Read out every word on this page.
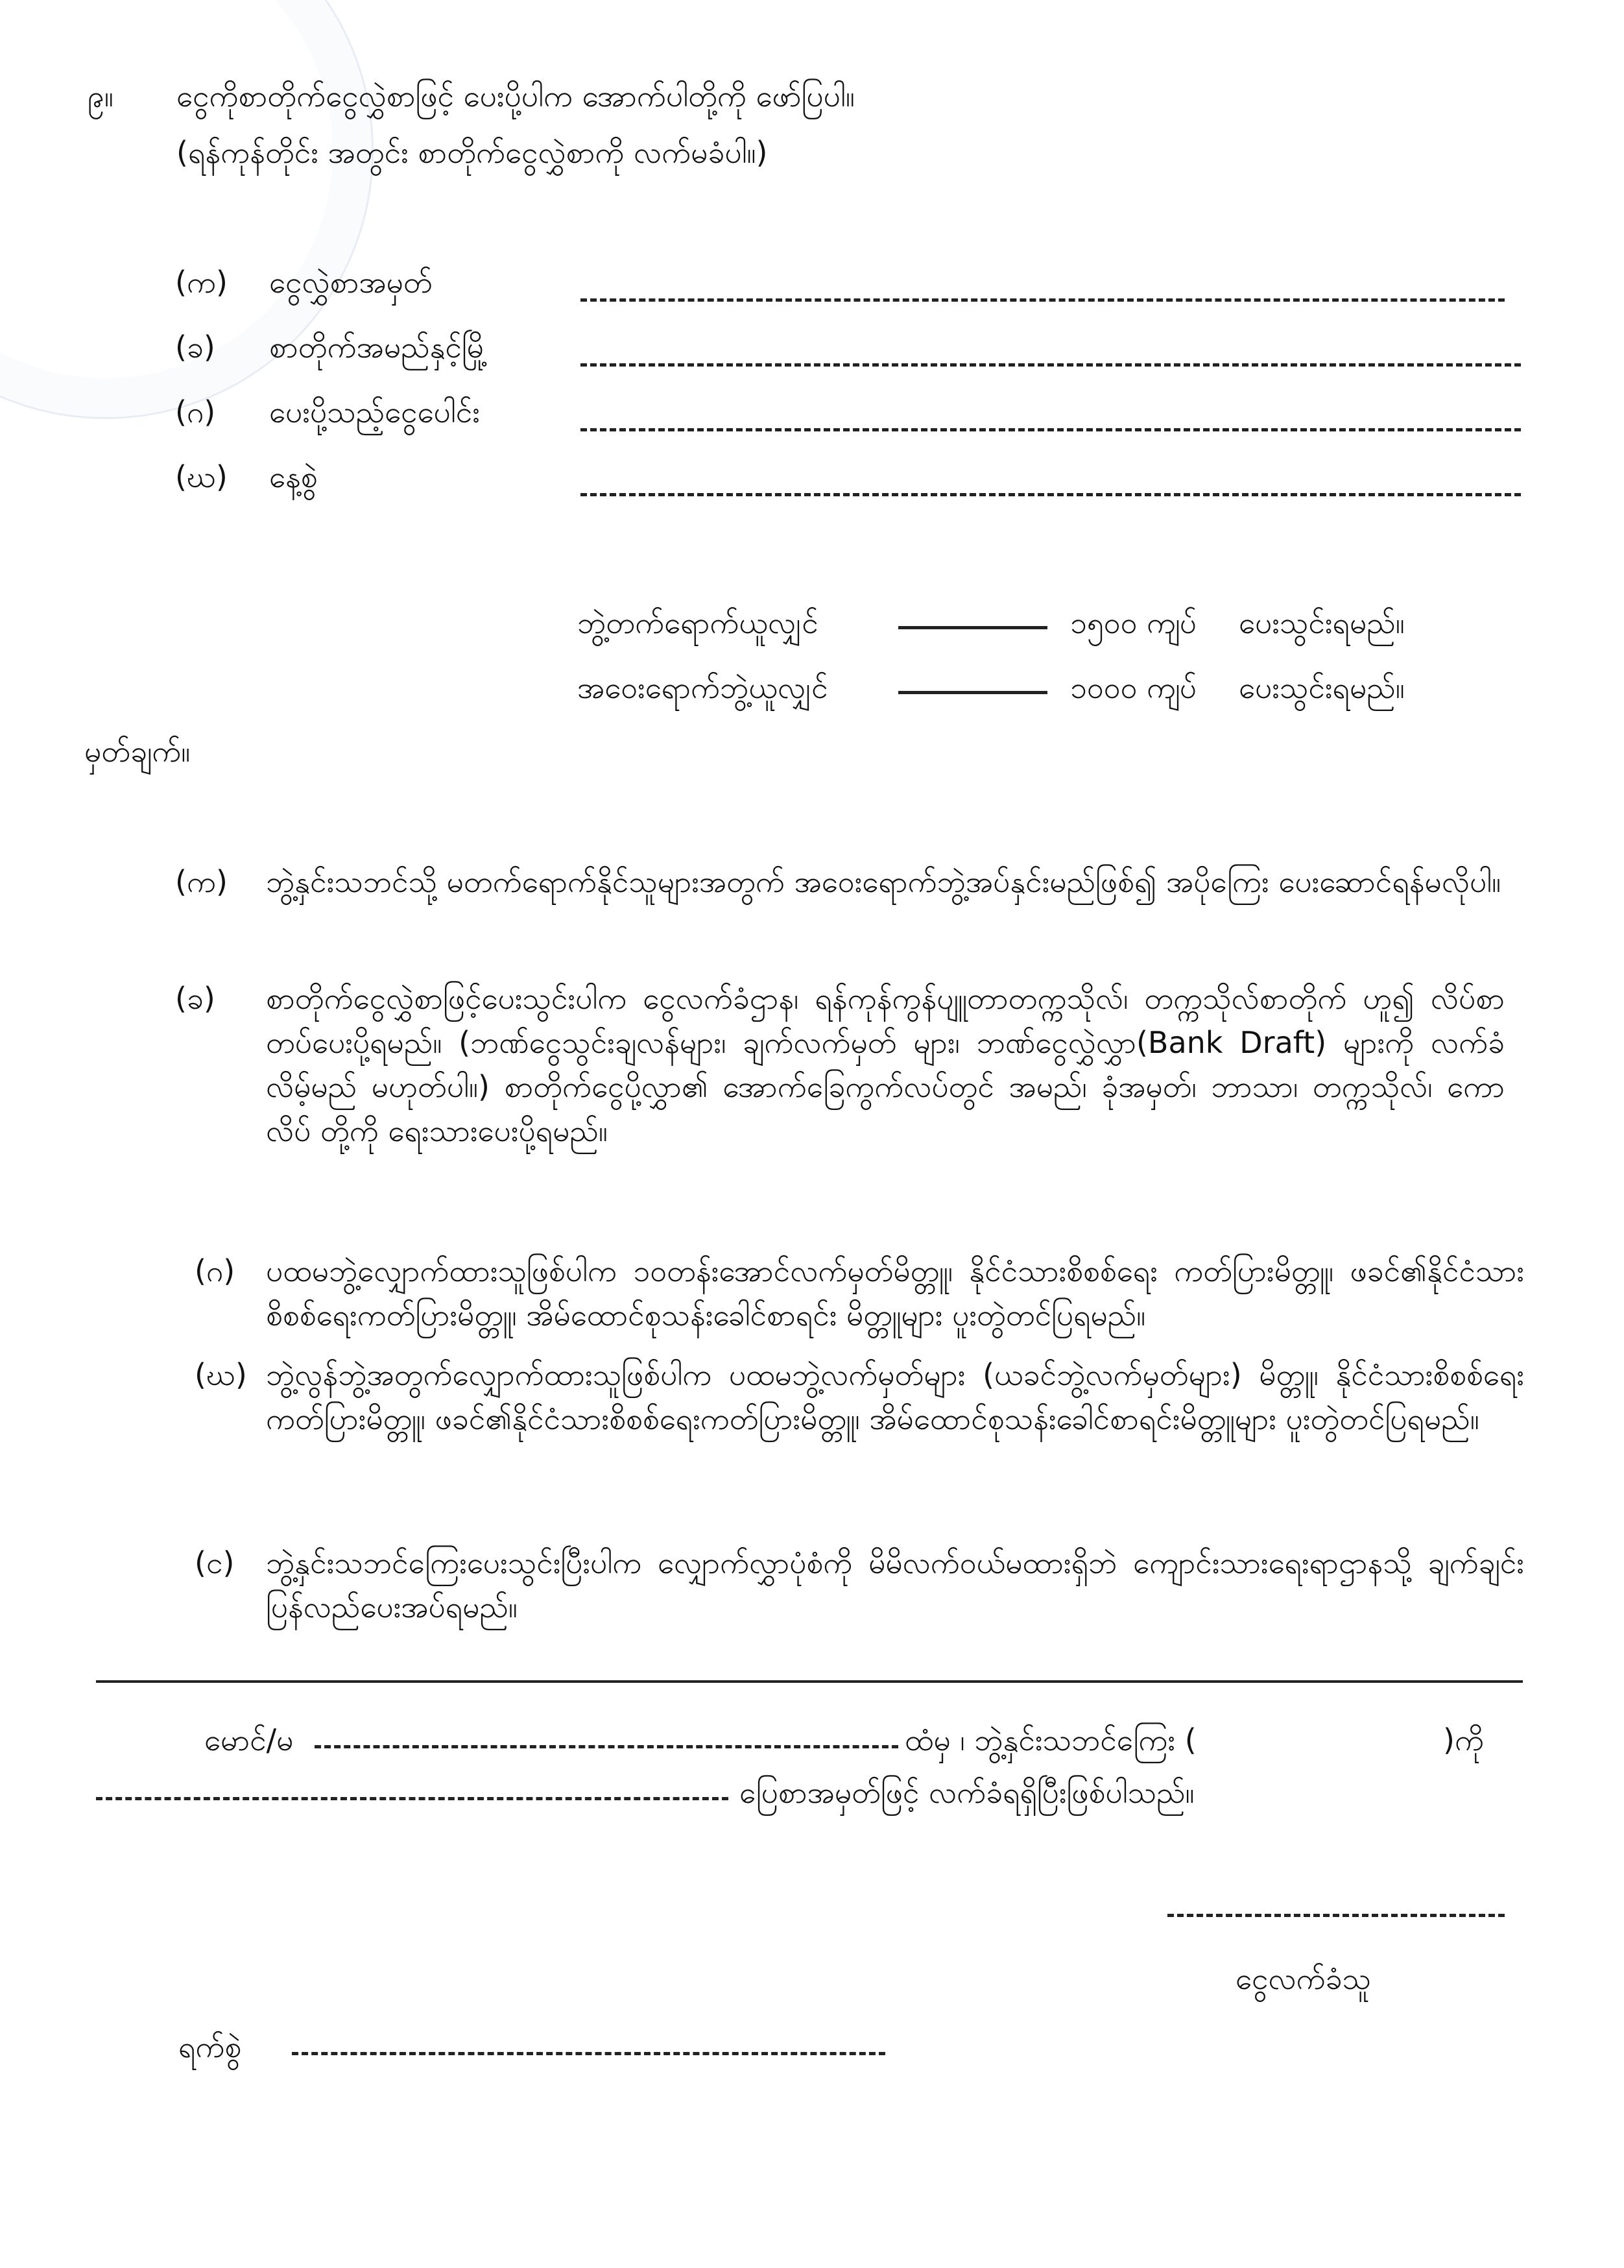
၉။ ငွေကိုစာတိုက်ငွေလွှဲစာဖြင့် ပေးပို့ပါက အောက်ပါတို့ကို ဖော်ပြပါ။
(ရန်ကုန်တိုင်း အတွင်း စာတိုက်ငွေလွှဲစာကို လက်မခံပါ။)
(က) ငွေလွှဲစာအမှတ်
(ခ) စာတိုက်အမည်နှင့်မြို့
(ဂ) ပေးပို့သည့်ငွေပေါင်း
(ဃ) နေ့စွဲ
ဘွဲ့တက်ရောက်ယူလျှင်	၁၅၀၀ ကျပ် ပေးသွင်းရမည်။
အဝေးရောက်ဘွဲ့ယူလျှင်	၁၀၀၀ ကျပ် ပေးသွင်းရမည်။
မှတ်ချက်။
(က) ဘွဲ့နှင်းသဘင်သို့ မတက်ရောက်နိုင်သူများအတွက် အဝေးရောက်ဘွဲ့အပ်နှင်းမည်ဖြစ်၍ အပိုကြေး ပေးဆောင်ရန်မလိုပါ။
(ခ) စာတိုက်ငွေလွှဲစာဖြင့်ပေးသွင်းပါက ငွေလက်ခံဌာန၊ ရန်ကုန်ကွန်ပျူတာတက္ကသိုလ်၊ တက္ကသိုလ်စာတိုက် ဟူ၍ လိပ်စာတပ်ပေးပို့ရမည်။ (ဘဏ်ငွေသွင်းချလန်များ၊ ချက်လက်မှတ် များ၊ ဘဏ်ငွေလွှဲလွှာ(Bank Draft) များကို လက်ခံလိမ့်မည် မဟုတ်ပါ။) စာတိုက်ငွေပို့လွှာ၏ အောက်ခြေကွက်လပ်တွင် အမည်၊ ခုံအမှတ်၊ ဘာသာ၊ တက္ကသိုလ်၊ ကောလိပ် တို့ကို ရေးသားပေးပို့ရမည်။
(ဂ) ပထမဘွဲ့လျှောက်ထားသူဖြစ်ပါက ၁၀တန်းအောင်လက်မှတ်မိတ္တူ၊ နိုင်ငံသားစိစစ်ရေး ကတ်ပြားမိတ္တူ၊ ဖခင်၏နိုင်ငံသားစိစစ်ရေးကတ်ပြားမိတ္တူ၊ အိမ်ထောင်စုသန်းခေါင်စာရင်း မိတ္တူများ ပူးတွဲတင်ပြရမည်။
(ဃ) ဘွဲ့လွန်ဘွဲ့အတွက်လျှောက်ထားသူဖြစ်ပါက ပထမဘွဲ့လက်မှတ်များ (ယခင်ဘွဲ့လက်မှတ်များ) မိတ္တူ၊ နိုင်ငံသားစိစစ်ရေးကတ်ပြားမိတ္တူ၊ ဖခင်၏နိုင်ငံသားစိစစ်ရေးကတ်ပြားမိတ္တူ၊ အိမ်ထောင်စုသန်းခေါင်စာရင်းမိတ္တူများ ပူးတွဲတင်ပြရမည်။
(င) ဘွဲ့နှင်းသဘင်ကြေးပေးသွင်းပြီးပါက လျှောက်လွှာပုံစံကို မိမိလက်ဝယ်မထားရှိဘဲ ကျောင်းသားရေးရာဌာနသို့ ချက်ချင်းပြန်လည်ပေးအပ်ရမည်။
မောင်/မ	ထံမှ ၊ ဘွဲ့နှင်းသဘင်ကြေး (	)ကို
ပြေစာအမှတ်ဖြင့် လက်ခံရရှိပြီးဖြစ်ပါသည်။
ငွေလက်ခံသူ
ရက်စွဲ
